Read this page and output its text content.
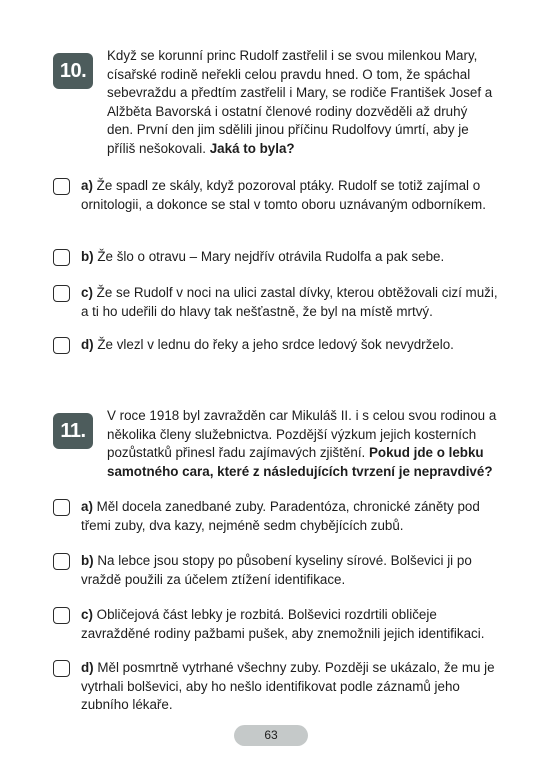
10.
Když se korunní princ Rudolf zastřelil i se svou milenkou Mary, císařské rodině neřekli celou pravdu hned. O tom, že spáchal sebevraždu a předtím zastřelil i Mary, se rodiče František Josef a Alžběta Bavorská i ostatní členové rodiny dozvěděli až druhý den. První den jim sdělili jinou příčinu Rudolfovy úmrtí, aby je příliš nešokovali. Jaká to byla?
a) Že spadl ze skály, když pozoroval ptáky. Rudolf se totiž zajímal o ornitologii, a dokonce se stal v tomto oboru uznávaným odborníkem.
b) Že šlo o otravu – Mary nejdřív otrávila Rudolfa a pak sebe.
c) Že se Rudolf v noci na ulici zastal dívky, kterou obtěžovali cizí muži, a ti ho udeřili do hlavy tak nešťastně, že byl na místě mrtvý.
d) Že vlezl v lednu do řeky a jeho srdce ledový šok nevydrželo.
11.
V roce 1918 byl zavražděn car Mikuláš II. i s celou svou rodinou a několika členy služebnictva. Pozdější výzkum jejich kosterních pozůstatků přinesl řadu zajímavých zjištění. Pokud jde o lebku samotného cara, které z následujících tvrzení je nepravdivé?
a) Měl docela zanedbané zuby. Paradentóza, chronické záněty pod třemi zuby, dva kazy, nejméně sedm chybějících zubů.
b) Na lebce jsou stopy po působení kyseliny sírové. Bolševici ji po vraždě použili za účelem ztížení identifikace.
c) Obličejová část lebky je rozbitá. Bolševici rozdrtili obličeje zavražděné rodiny pažbami pušek, aby znemožnili jejich identifikaci.
d) Měl posmrtně vytrhané všechny zuby. Později se ukázalo, že mu je vytrhali bolševici, aby ho nešlo identifikovat podle záznamů jeho zubního lékaře.
63
